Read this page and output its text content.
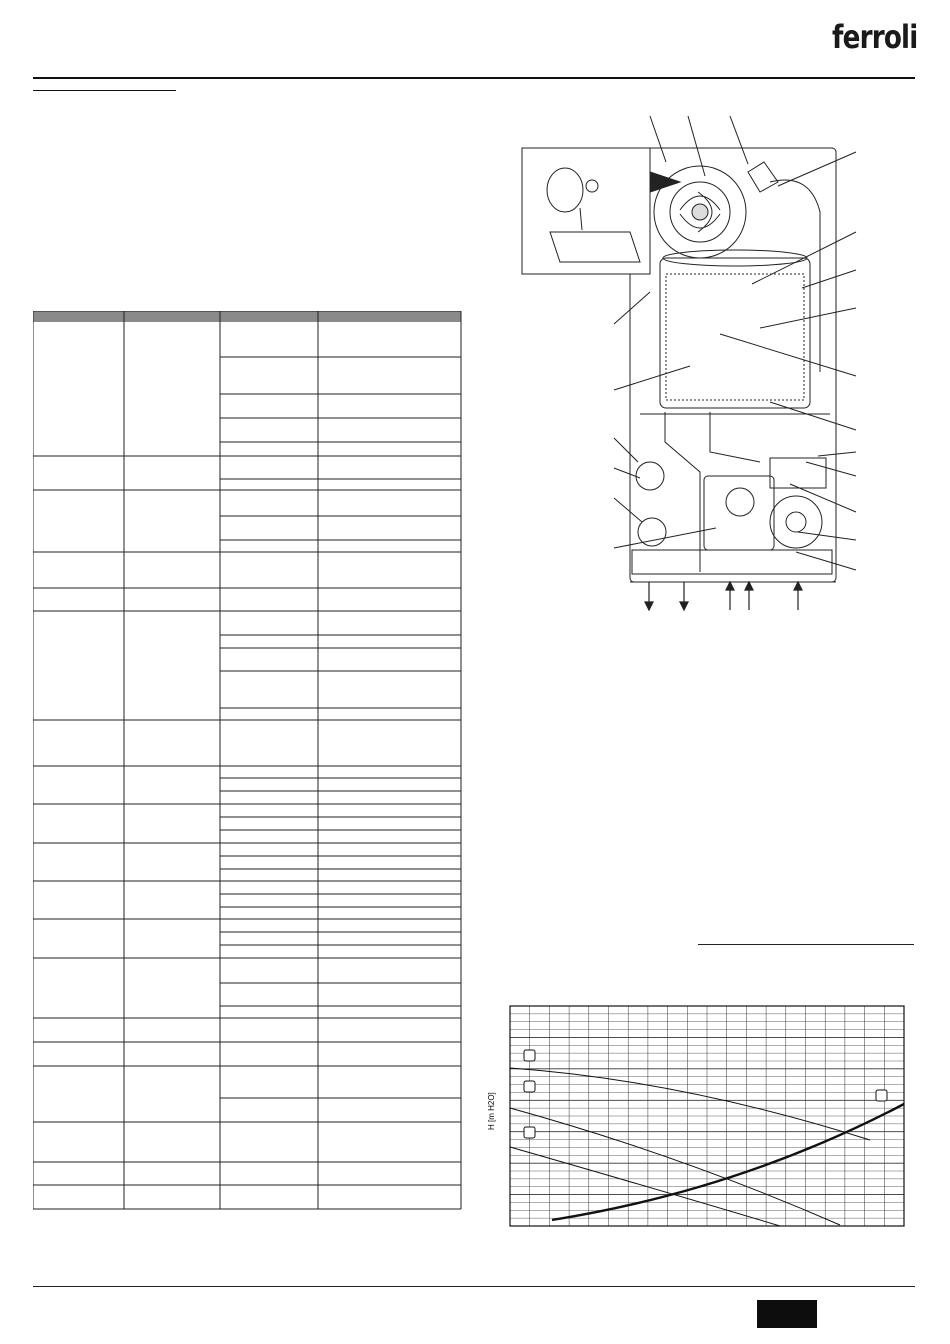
ferroli
H [m H2O]
